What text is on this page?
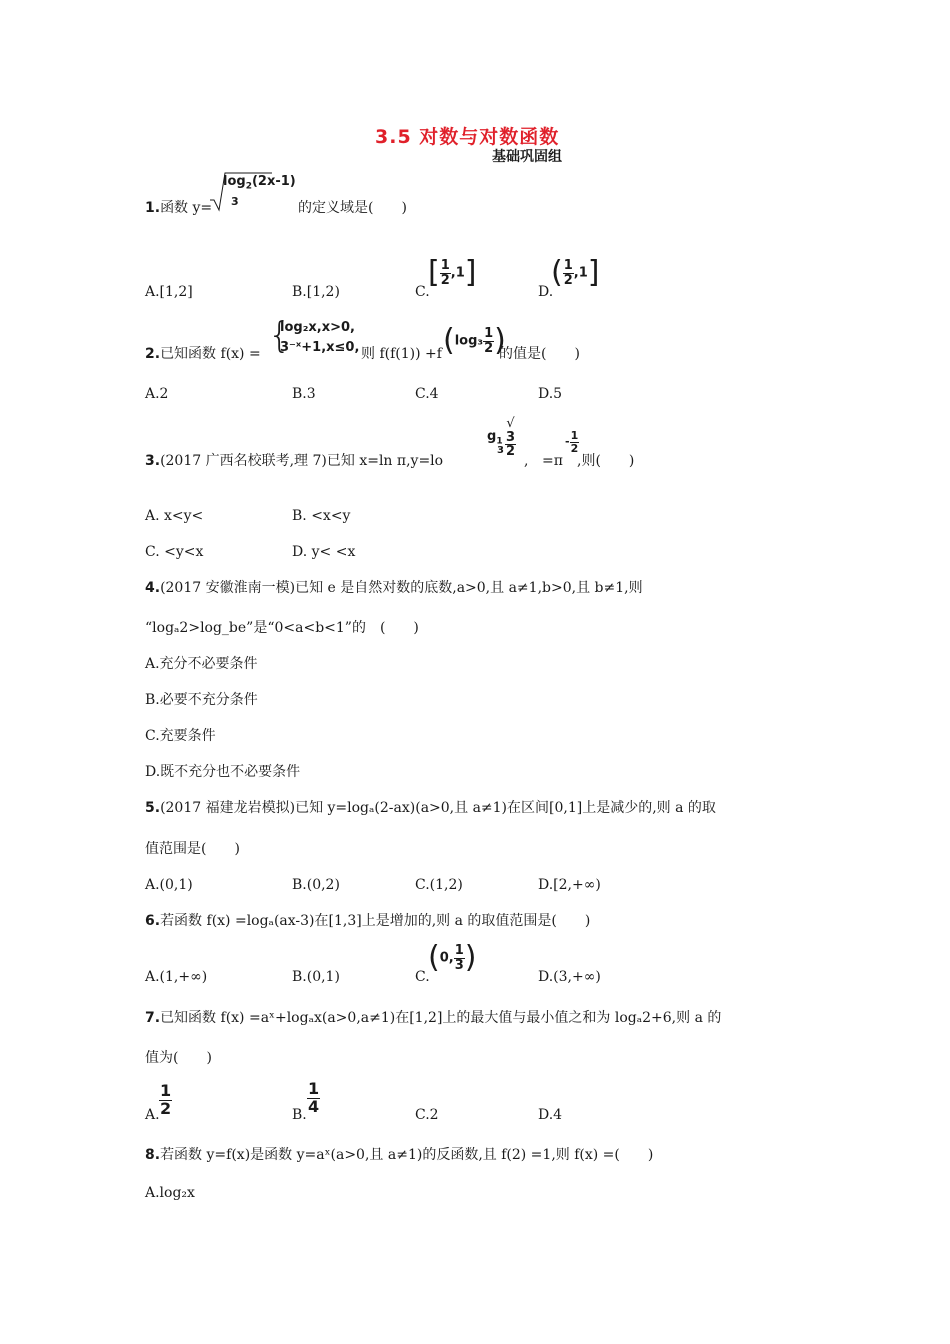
3.5 对数与对数函数
基础巩固组
1.函数 y=
$\log_2(2x-1)$
3	的定义域是(　　)
A.[1,2]	B.[1,2)	C.
[ $\frac{1}{2} ,1$]
D.
( $\frac{1}{2} ,1$]
2.已知函数 f(x) = {
log₂x,x>0,
3⁻ˣ+1,x≤0, 则 f(f(1)) +f ($\log_3 \frac{1}{2}$ )
的值是(　　)
A.2	B.3	C.4	D.5
3.(2017 广西名校联考,理 7)已知 x=ln π,y=lo
$g_1$
3 √
3
2
, =π
- $\frac{1}{2}$
,则(　　)
A. x<y<	B. <x<y
C. <y<x	D. y< <x
4.(2017 安徽淮南一模)已知 e 是自然对数的底数,a>0,且 a≠1,b>0,且 b≠1,则
“logₐ2>log_be”是“0<a<b<1”的　(　　)
A.充分不必要条件
B.必要不充分条件
C.充要条件
D.既不充分也不必要条件
5.(2017 福建龙岩模拟)已知 y=logₐ(2-ax)(a>0,且 a≠1)在区间[0,1]上是减少的,则 a 的取
值范围是(　　)
A.(0,1)	B.(0,2)	C.(1,2)	D.[2,+∞)
6.若函数 f(x) =logₐ(ax-3)在[1,3]上是增加的,则 a 的取值范围是(　　)
A.(1,+∞)	B.(0,1)	C.
(0, $\frac{1}{3}$ )
D.(3,+∞)
7.已知函数 f(x) =aˣ+logₐx(a>0,a≠1)在[1,2]上的最大值与最小值之和为 logₐ2+6,则 a 的
值为(　　)
A. $\frac{1}{2}$	B. $\frac{1}{4}$	C.2	D.4
8.若函数 y=f(x)是函数 y=aˣ(a>0,且 a≠1)的反函数,且 f(2) =1,则 f(x) =(　　)
A.log₂x
